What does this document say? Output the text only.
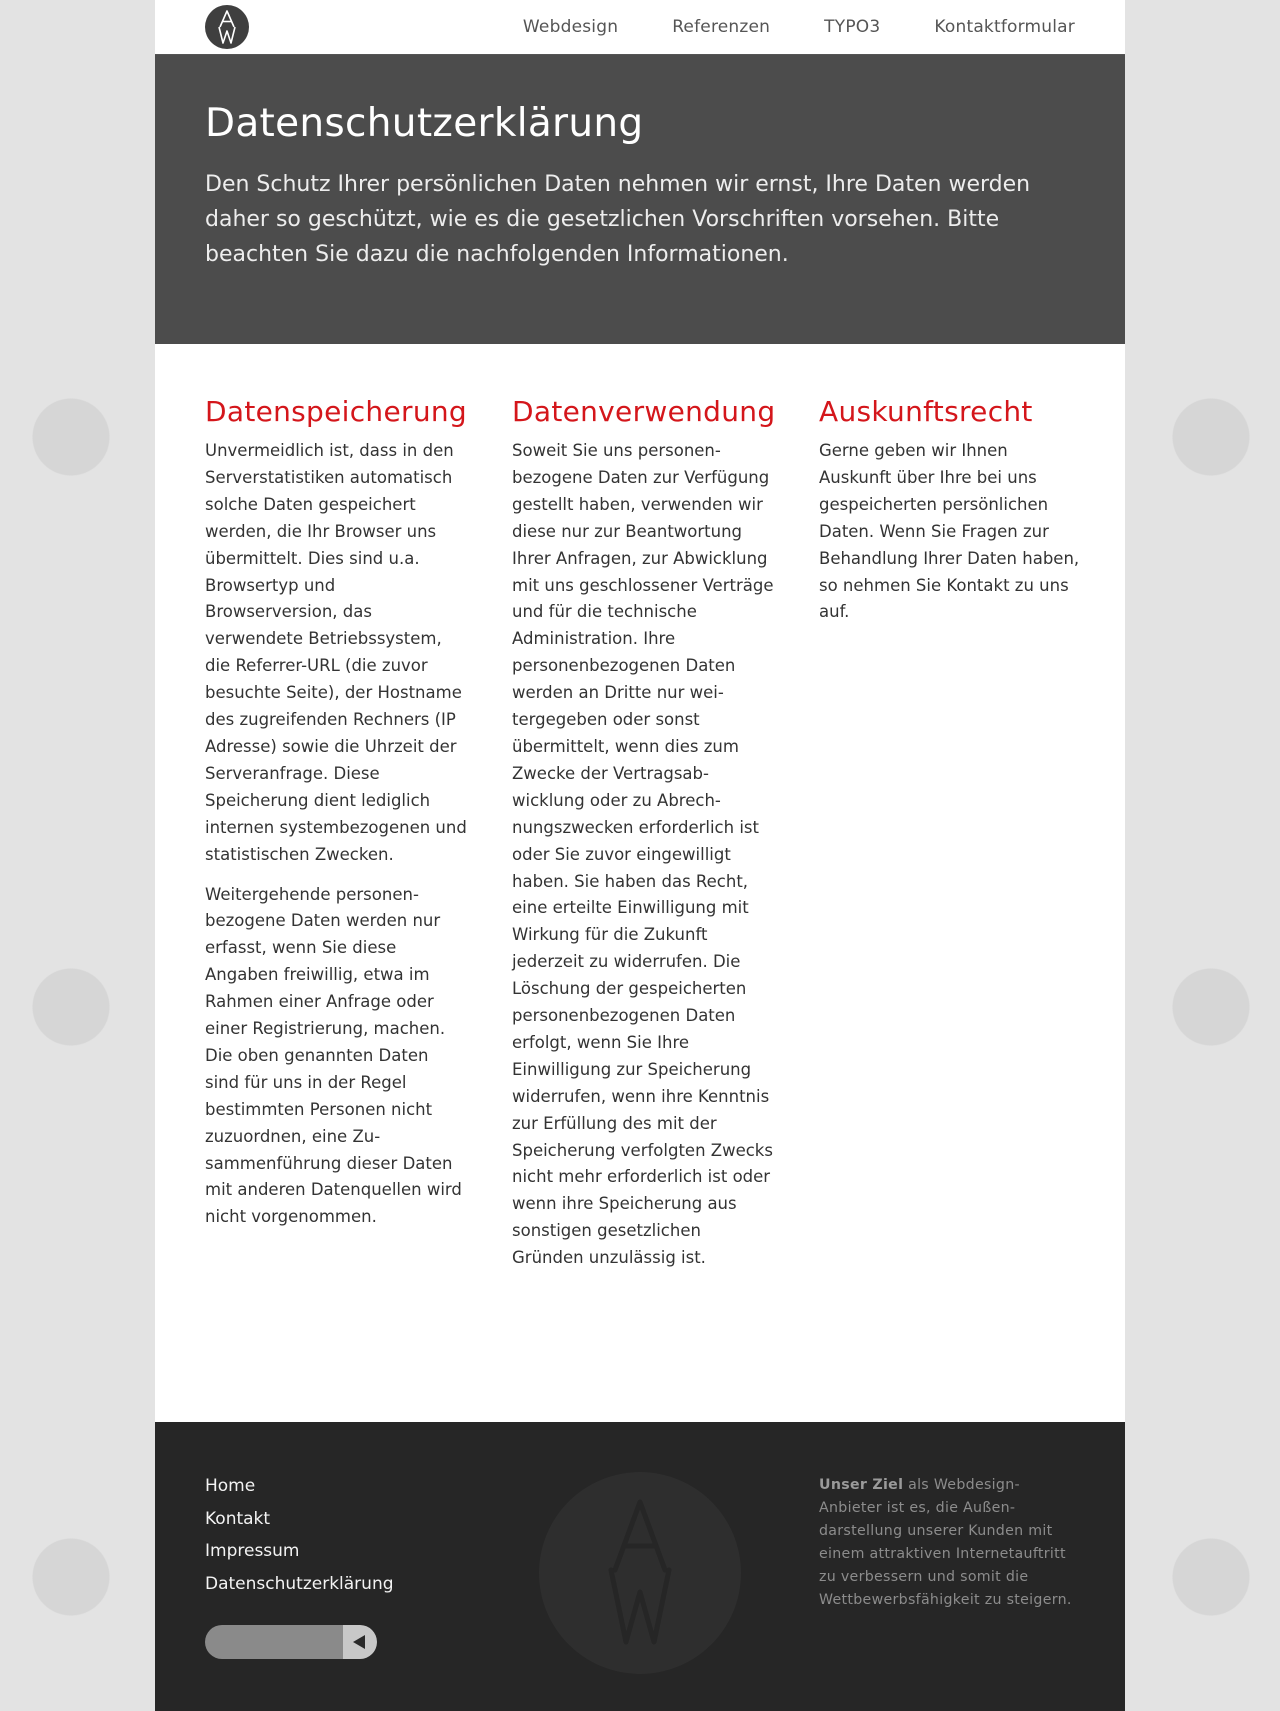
Webdesign	Referenzen	TYPO3	Kontaktformular
Datenschutzerklärung

Den Schutz Ihrer persönlichen Daten nehmen wir ernst, Ihre Daten werden daher so geschützt, wie es die gesetzlichen Vorschriften vorsehen. Bitte beachten Sie dazu die nachfolgenden Informationen.

Datenspeicherung

Unvermeidlich ist, dass in den Serverstatistiken automatisch solche Daten gespeichert werden, die Ihr Browser uns übermittelt. Dies sind u.a. Browsertyp und Browserversion, das verwendete Betriebssystem, die Referrer-URL (die zuvor besuchte Seite), der Hostname des zugreifenden Rechners (IP Adresse) sowie die Uhrzeit der Serveranfrage. Diese Speicherung dient lediglich internen systembezogenen und statistischen Zwecken.

Weitergehende personenbezogene Daten werden nur erfasst, wenn Sie diese Angaben freiwillig, etwa im Rahmen einer Anfrage oder einer Registrierung, machen. Die oben genannten Daten sind für uns in der Regel bestimmten Personen nicht zuzuordnen, eine Zusammenführung dieser Daten mit anderen Datenquellen wird nicht vorgenommen.

Datenverwendung

Soweit Sie uns personenbezogene Daten zur Verfügung gestellt haben, verwenden wir diese nur zur Beantwortung Ihrer Anfragen, zur Abwicklung mit uns geschlossener Verträge und für die technische Administration. Ihre personenbezogenen Daten werden an Dritte nur weitergegeben oder sonst übermittelt, wenn dies zum Zwecke der Vertragsabwicklung oder zu Abrechnungszwecken erforderlich ist oder Sie zuvor eingewilligt haben. Sie haben das Recht, eine erteilte Einwilligung mit Wirkung für die Zukunft jederzeit zu widerrufen. Die Löschung der gespeicherten personenbezogenen Daten erfolgt, wenn Sie Ihre Einwilligung zur Speicherung widerrufen, wenn ihre Kenntnis zur Erfüllung des mit der Speicherung verfolgten Zwecks nicht mehr erforderlich ist oder wenn ihre Speicherung aus sonstigen gesetzlichen Gründen unzulässig ist.

Auskunftsrecht

Gerne geben wir Ihnen Auskunft über Ihre bei uns gespeicherten persönlichen Daten. Wenn Sie Fragen zur Behandlung Ihrer Daten haben, so nehmen Sie Kontakt zu uns auf.

Home
Kontakt
Impressum
Datenschutzerklärung
Unser Ziel als Webdesign-Anbieter ist es, die Außendarstellung unserer Kunden mit einem attraktiven Internetauftritt zu verbessern und somit die Wettbewerbsfähigkeit zu steigern.
